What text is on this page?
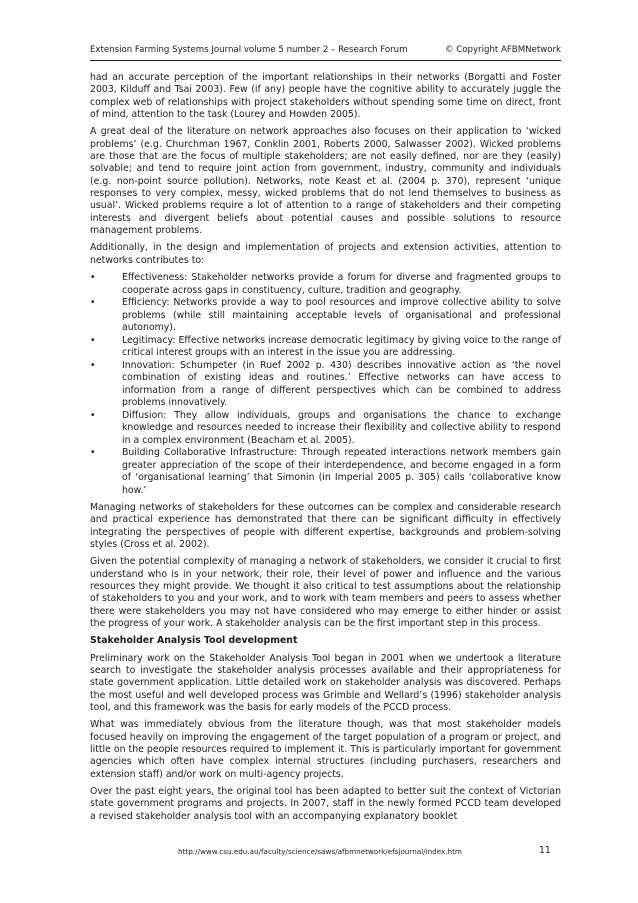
Extension Farming Systems Journal volume 5 number 2 – Research Forum	© Copyright AFBMNetwork

had an accurate perception of the important relationships in their networks (Borgatti and Foster 2003, Kilduff and Tsai 2003). Few (if any) people have the cognitive ability to accurately juggle the complex web of relationships with project stakeholders without spending some time on direct, front of mind, attention to the task (Lourey and Howden 2005).

A great deal of the literature on network approaches also focuses on their application to ‘wicked problems’ (e.g. Churchman 1967, Conklin 2001, Roberts 2000, Salwasser 2002). Wicked problems are those that are the focus of multiple stakeholders; are not easily defined, nor are they (easily) solvable; and tend to require joint action from government, industry, community and individuals (e.g. non-point source pollution). Networks, note Keast et al. (2004 p. 370), represent ‘unique responses to very complex, messy, wicked problems that do not lend themselves to business as usual’. Wicked problems require a lot of attention to a range of stakeholders and their competing interests and divergent beliefs about potential causes and possible solutions to resource management problems.

Additionally, in the design and implementation of projects and extension activities, attention to networks contributes to:

•	Effectiveness: Stakeholder networks provide a forum for diverse and fragmented groups to cooperate across gaps in constituency, culture, tradition and geography.
•	Efficiency: Networks provide a way to pool resources and improve collective ability to solve problems (while still maintaining acceptable levels of organisational and professional autonomy).
•	Legitimacy: Effective networks increase democratic legitimacy by giving voice to the range of critical interest groups with an interest in the issue you are addressing.
•	Innovation: Schumpeter (in Ruef 2002 p. 430) describes innovative action as ‘the novel combination of existing ideas and routines.’ Effective networks can have access to information from a range of different perspectives which can be combined to address problems innovatively.
•	Diffusion: They allow individuals, groups and organisations the chance to exchange knowledge and resources needed to increase their flexibility and collective ability to respond in a complex environment (Beacham et al. 2005).
•	Building Collaborative Infrastructure: Through repeated interactions network members gain greater appreciation of the scope of their interdependence, and become engaged in a form of ‘organisational learning’ that Simonin (in Imperial 2005 p. 305) calls ‘collaborative know how.’

Managing networks of stakeholders for these outcomes can be complex and considerable research and practical experience has demonstrated that there can be significant difficulty in effectively integrating the perspectives of people with different expertise, backgrounds and problem-solving styles (Cross et al. 2002).

Given the potential complexity of managing a network of stakeholders, we consider it crucial to first understand who is in your network, their role, their level of power and influence and the various resources they might provide. We thought it also critical to test assumptions about the relationship of stakeholders to you and your work, and to work with team members and peers to assess whether there were stakeholders you may not have considered who may emerge to either hinder or assist the progress of your work. A stakeholder analysis can be the first important step in this process.

Stakeholder Analysis Tool development

Preliminary work on the Stakeholder Analysis Tool began in 2001 when we undertook a literature search to investigate the stakeholder analysis processes available and their appropriateness for state government application. Little detailed work on stakeholder analysis was discovered. Perhaps the most useful and well developed process was Grimble and Wellard’s (1996) stakeholder analysis tool, and this framework was the basis for early models of the PCCD process.

What was immediately obvious from the literature though, was that most stakeholder models focused heavily on improving the engagement of the target population of a program or project, and little on the people resources required to implement it. This is particularly important for government agencies which often have complex internal structures (including purchasers, researchers and extension staff) and/or work on multi-agency projects.

Over the past eight years, the original tool has been adapted to better suit the context of Victorian state government programs and projects. In 2007, staff in the newly formed PCCD team developed a revised stakeholder analysis tool with an accompanying explanatory booklet

http://www.csu.edu.au/faculty/science/saws/afbmnetwork/efsjournal/index.htm	11
